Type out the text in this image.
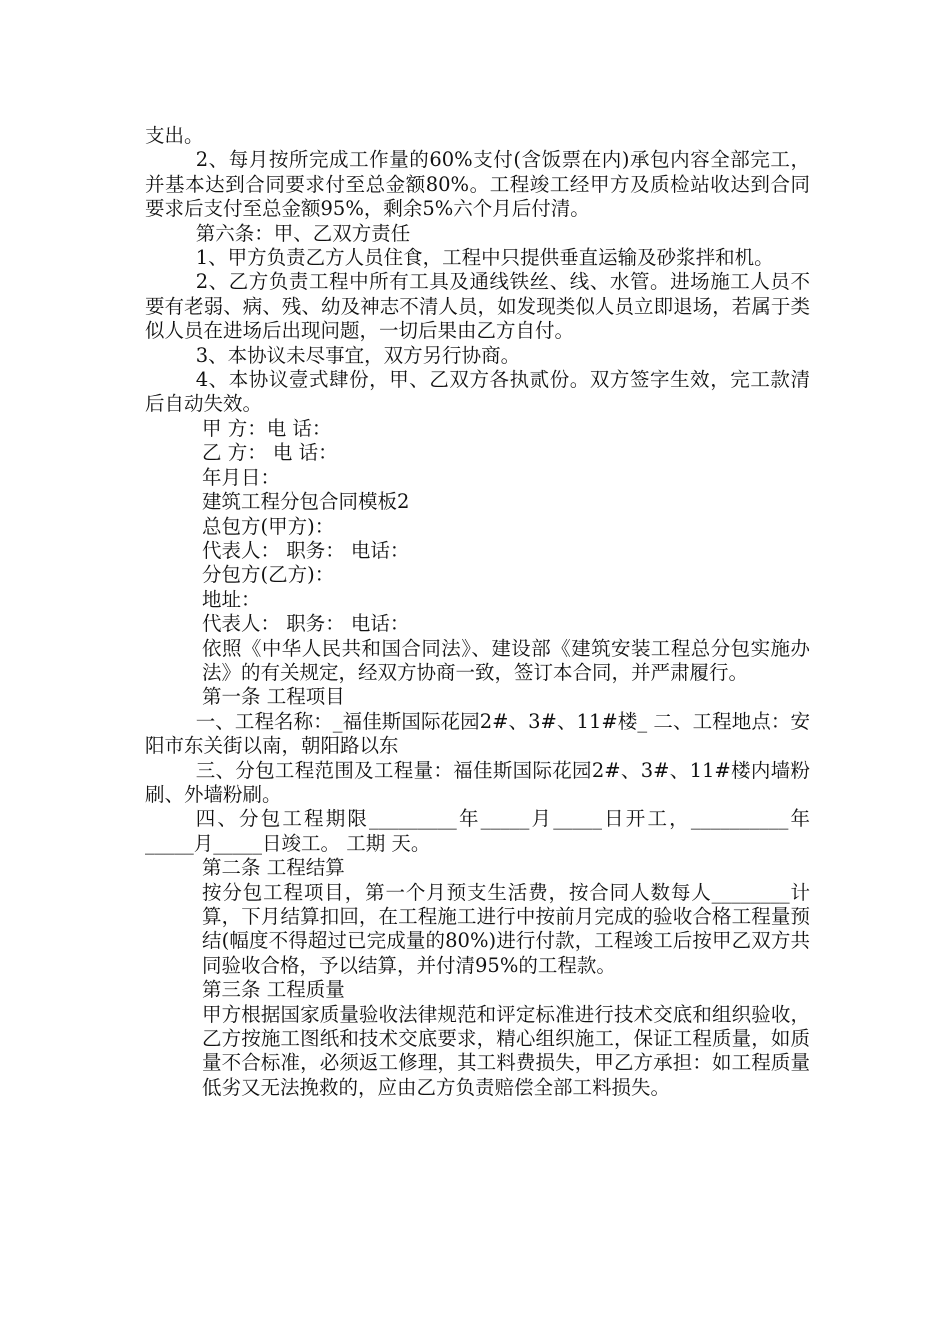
支出。

2、每月按所完成工作量的60%支付(含饭票在内)承包内容全部完工，并基本达到合同要求付至总金额80%。工程竣工经甲方及质检站收达到合同要求后支付至总金额95%，剩余5%六个月后付清。

第六条：甲、乙双方责任

1、甲方负责乙方人员住食，工程中只提供垂直运输及砂浆拌和机。

2、乙方负责工程中所有工具及通线铁丝、线、水管。进场施工人员不要有老弱、病、残、幼及神志不清人员，如发现类似人员立即退场，若属于类似人员在进场后出现问题，一切后果由乙方自付。

3、本协议未尽事宜，双方另行协商。

4、本协议壹式肆份，甲、乙双方各执贰份。双方签字生效，完工款清后自动失效。

甲 方：电 话：

乙 方： 电 话：

年月日：

建筑工程分包合同模板2

总包方(甲方)：

代表人： 职务： 电话：

分包方(乙方)：

地址：

代表人： 职务： 电话：

依照《中华人民共和国合同法》、建设部《建筑安装工程总分包实施办法》的有关规定，经双方协商一致，签订本合同，并严肃履行。

第一条 工程项目

一、工程名称：_福佳斯国际花园2#、3#、11#楼_ 二、工程地点：安阳市东关街以南，朝阳路以东

三、分包工程范围及工程量：福佳斯国际花园2#、3#、11#楼内墙粉刷、外墙粉刷。

四、分包工程期限_________年_____月_____日开工，__________年_____月_____日竣工。 工期 天。

第二条 工程结算

按分包工程项目，第一个月预支生活费，按合同人数每人________计算，下月结算扣回，在工程施工进行中按前月完成的验收合格工程量预结(幅度不得超过已完成量的80%)进行付款，工程竣工后按甲乙双方共同验收合格，予以结算，并付清95%的工程款。

第三条 工程质量

甲方根据国家质量验收法律规范和评定标准进行技术交底和组织验收，乙方按施工图纸和技术交底要求，精心组织施工，保证工程质量，如质量不合标准，必须返工修理，其工料费损失，甲乙方承担：如工程质量低劣又无法挽救的，应由乙方负责赔偿全部工料损失。
